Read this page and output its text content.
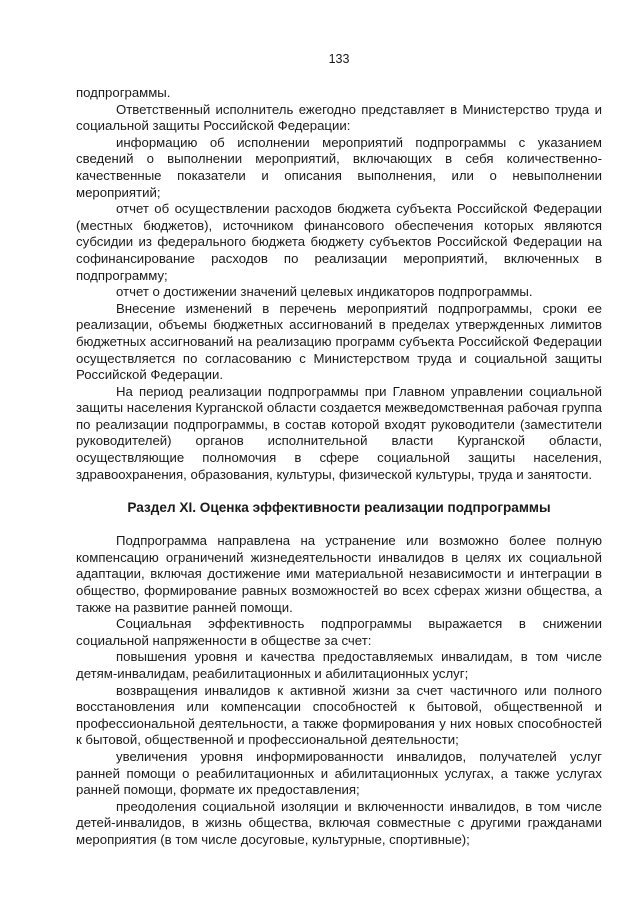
133

подпрограммы.

Ответственный исполнитель ежегодно представляет в Министерство труда и социальной защиты Российской Федерации:

информацию об исполнении мероприятий подпрограммы с указанием сведений о выполнении мероприятий, включающих в себя количественно-качественные показатели и описания выполнения, или о невыполнении мероприятий;

отчет об осуществлении расходов бюджета субъекта Российской Федерации (местных бюджетов), источником финансового обеспечения которых являются субсидии из федерального бюджета бюджету субъектов Российской Федерации на софинансирование расходов по реализации мероприятий, включенных в подпрограмму;

отчет о достижении значений целевых индикаторов подпрограммы.

Внесение изменений в перечень мероприятий подпрограммы, сроки ее реализации, объемы бюджетных ассигнований в пределах утвержденных лимитов бюджетных ассигнований на реализацию программ субъекта Российской Федерации осуществляется по согласованию с Министерством труда и социальной защиты Российской Федерации.

На период реализации подпрограммы при Главном управлении социальной защиты населения Курганской области создается межведомственная рабочая группа по реализации подпрограммы, в состав которой входят руководители (заместители руководителей) органов исполнительной власти Курганской области, осуществляющие полномочия в сфере социальной защиты населения, здравоохранения, образования, культуры, физической культуры, труда и занятости.

Раздел XI. Оценка эффективности реализации подпрограммы

Подпрограмма направлена на устранение или возможно более полную компенсацию ограничений жизнедеятельности инвалидов в целях их социальной адаптации, включая достижение ими материальной независимости и интеграции в общество, формирование равных возможностей во всех сферах жизни общества, а также на развитие ранней помощи.

Социальная эффективность подпрограммы выражается в снижении социальной напряженности в обществе за счет:

повышения уровня и качества предоставляемых инвалидам, в том числе детям-инвалидам, реабилитационных и абилитационных услуг;

возвращения инвалидов к активной жизни за счет частичного или полного восстановления или компенсации способностей к бытовой, общественной и профессиональной деятельности, а также формирования у них новых способностей к бытовой, общественной и профессиональной деятельности;

увеличения уровня информированности инвалидов, получателей услуг ранней помощи о реабилитационных и абилитационных услугах, а также услугах ранней помощи, формате их предоставления;

преодоления социальной изоляции и включенности инвалидов, в том числе детей-инвалидов, в жизнь общества, включая совместные с другими гражданами мероприятия (в том числе досуговые, культурные, спортивные);
